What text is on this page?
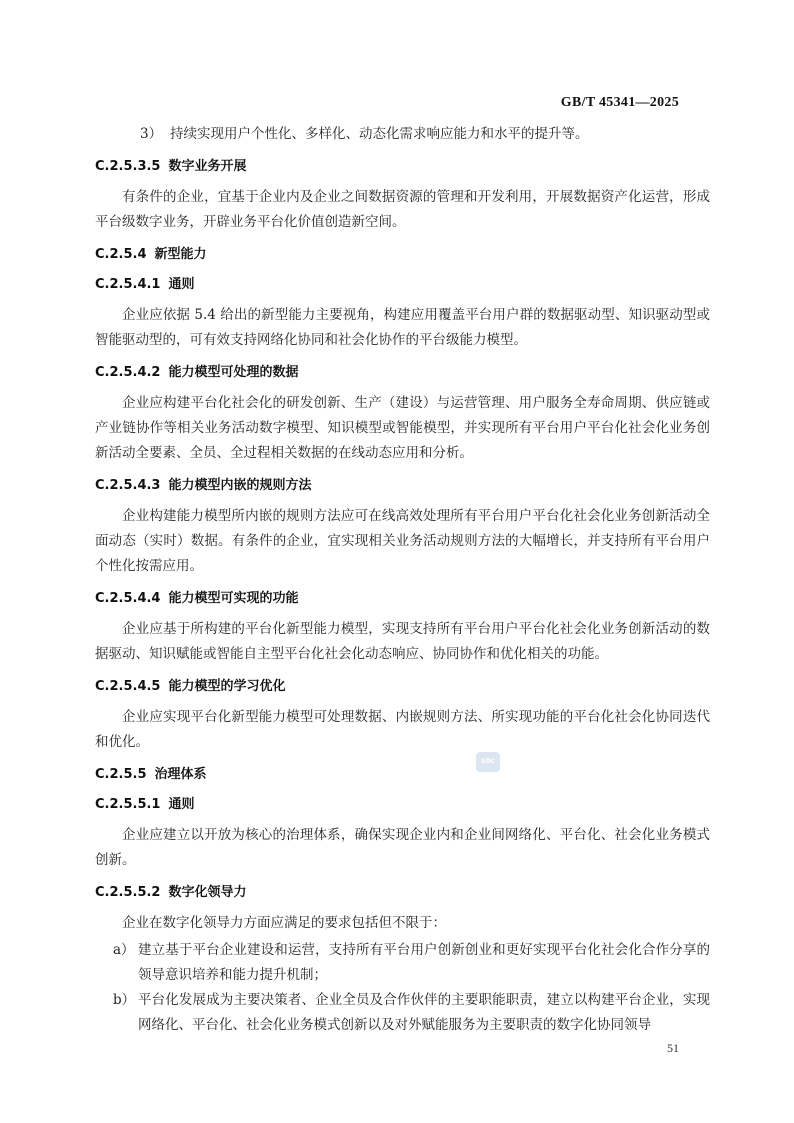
GB/T 45341—2025

3） 持续实现用户个性化、多样化、动态化需求响应能力和水平的提升等。

C.2.5.3.5 数字业务开展

有条件的企业，宜基于企业内及企业之间数据资源的管理和开发利用，开展数据资产化运营，形成平台级数字业务，开辟业务平台化价值创造新空间。

C.2.5.4 新型能力
C.2.5.4.1 通则

企业应依据 5.4 给出的新型能力主要视角，构建应用覆盖平台用户群的数据驱动型、知识驱动型或智能驱动型的，可有效支持网络化协同和社会化协作的平台级能力模型。

C.2.5.4.2 能力模型可处理的数据

企业应构建平台化社会化的研发创新、生产（建设）与运营管理、用户服务全寿命周期、供应链或产业链协作等相关业务活动数字模型、知识模型或智能模型，并实现所有平台用户平台化社会化业务创新活动全要素、全员、全过程相关数据的在线动态应用和分析。

C.2.5.4.3 能力模型内嵌的规则方法

企业构建能力模型所内嵌的规则方法应可在线高效处理所有平台用户平台化社会化业务创新活动全面动态（实时）数据。有条件的企业，宜实现相关业务活动规则方法的大幅增长，并支持所有平台用户个性化按需应用。

C.2.5.4.4 能力模型可实现的功能

企业应基于所构建的平台化新型能力模型，实现支持所有平台用户平台化社会化业务创新活动的数据驱动、知识赋能或智能自主型平台化社会化动态响应、协同协作和优化相关的功能。

C.2.5.4.5 能力模型的学习优化

企业应实现平台化新型能力模型可处理数据、内嵌规则方法、所实现功能的平台化社会化协同迭代和优化。

C.2.5.5 治理体系
C.2.5.5.1 通则

企业应建立以开放为核心的治理体系，确保实现企业内和企业间网络化、平台化、社会化业务模式创新。

C.2.5.5.2 数字化领导力

企业在数字化领导力方面应满足的要求包括但不限于：

a） 建立基于平台企业建设和运营，支持所有平台用户创新创业和更好实现平台化社会化合作分享的领导意识培养和能力提升机制；

b） 平台化发展成为主要决策者、企业全员及合作伙伴的主要职能职责，建立以构建平台企业，实现网络化、平台化、社会化业务模式创新以及对外赋能服务为主要职责的数字化协同领导

SDC
51
